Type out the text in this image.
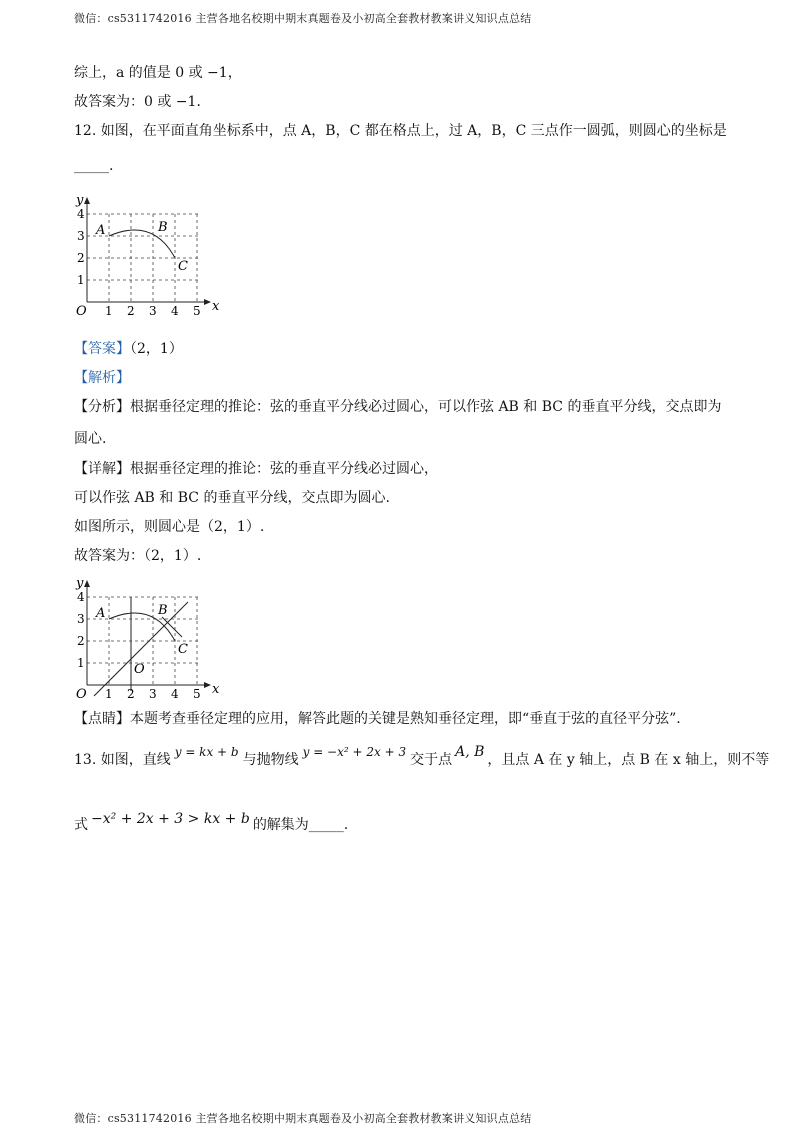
微信：cs5311742016 主营各地名校期中期末真题卷及小初高全套教材教案讲义知识点总结
综上，a 的值是 0 或 −1，
故答案为：0 或 −1．
12. 如图，在平面直角坐标系中，点 A，B，C 都在格点上，过 A，B，C 三点作一圆弧，则圆心的坐标是
_____.
y
x
O 1 2 3 4 5
1
2
3
4
A	B
C
【答案】（2，1）
【解析】
【分析】根据垂径定理的推论：弦的垂直平分线必过圆心，可以作弦 AB 和 BC 的垂直平分线，交点即为
圆心.
【详解】根据垂径定理的推论：弦的垂直平分线必过圆心，
可以作弦 AB 和 BC 的垂直平分线，交点即为圆心.
如图所示，则圆心是（2，1）.
故答案为：（2，1）.
y
x
O
O
1 2 3 4 5
1
2
3
4
A	B
C
【点睛】本题考查垂径定理的应用，解答此题的关键是熟知垂径定理，即“垂直于弦的直径平分弦”.
13. 如图，直线 y = kx + b 与抛物线 y = −x² + 2x + 3 交于点 A, B ，且点 A 在 y 轴上，点 B 在 x 轴上，则不等
式 −x² + 2x + 3 > kx + b 的解集为_____.
微信：cs5311742016 主营各地名校期中期末真题卷及小初高全套教材教案讲义知识点总结
